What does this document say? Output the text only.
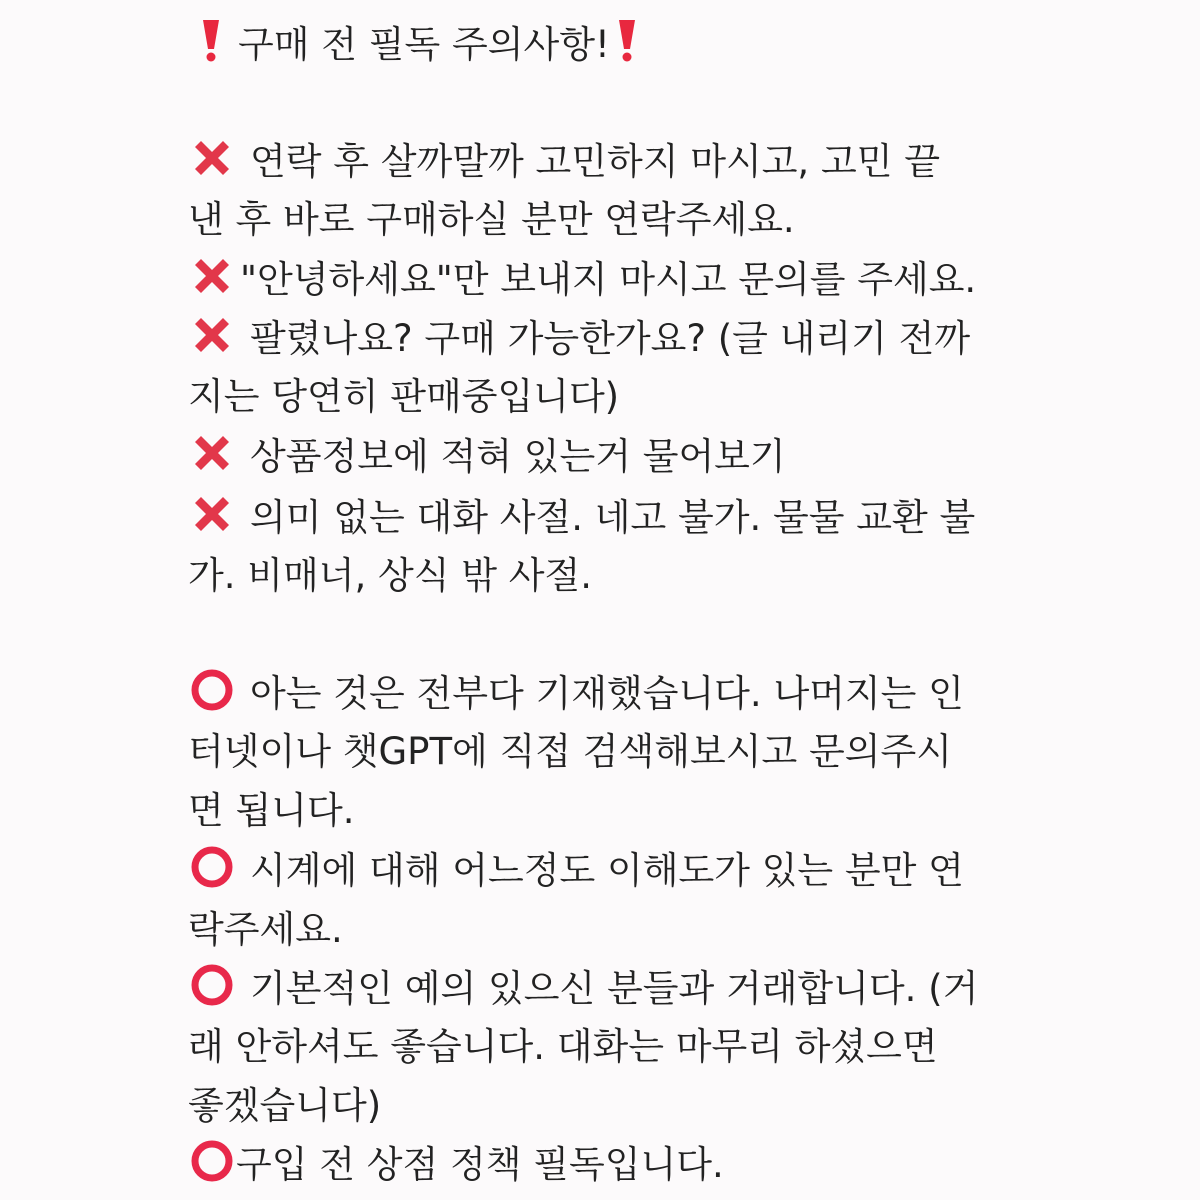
구매 전 필독 주의사항!
연락 후 살까말까 고민하지 마시고, 고민 끝
낸 후 바로 구매하실 분만 연락주세요.
"안녕하세요"만 보내지 마시고 문의를 주세요.
팔렸나요? 구매 가능한가요? (글 내리기 전까
지는 당연히 판매중입니다)
상품정보에 적혀 있는거 물어보기
의미 없는 대화 사절. 네고 불가. 물물 교환 불
가. 비매너, 상식 밖 사절.
아는 것은 전부다 기재했습니다. 나머지는 인
터넷이나 챗GPT에 직접 검색해보시고 문의주시
면 됩니다.
시계에 대해 어느정도 이해도가 있는 분만 연
락주세요.
기본적인 예의 있으신 분들과 거래합니다. (거
래 안하셔도 좋습니다. 대화는 마무리 하셨으면
좋겠습니다)
구입 전 상점 정책 필독입니다.
